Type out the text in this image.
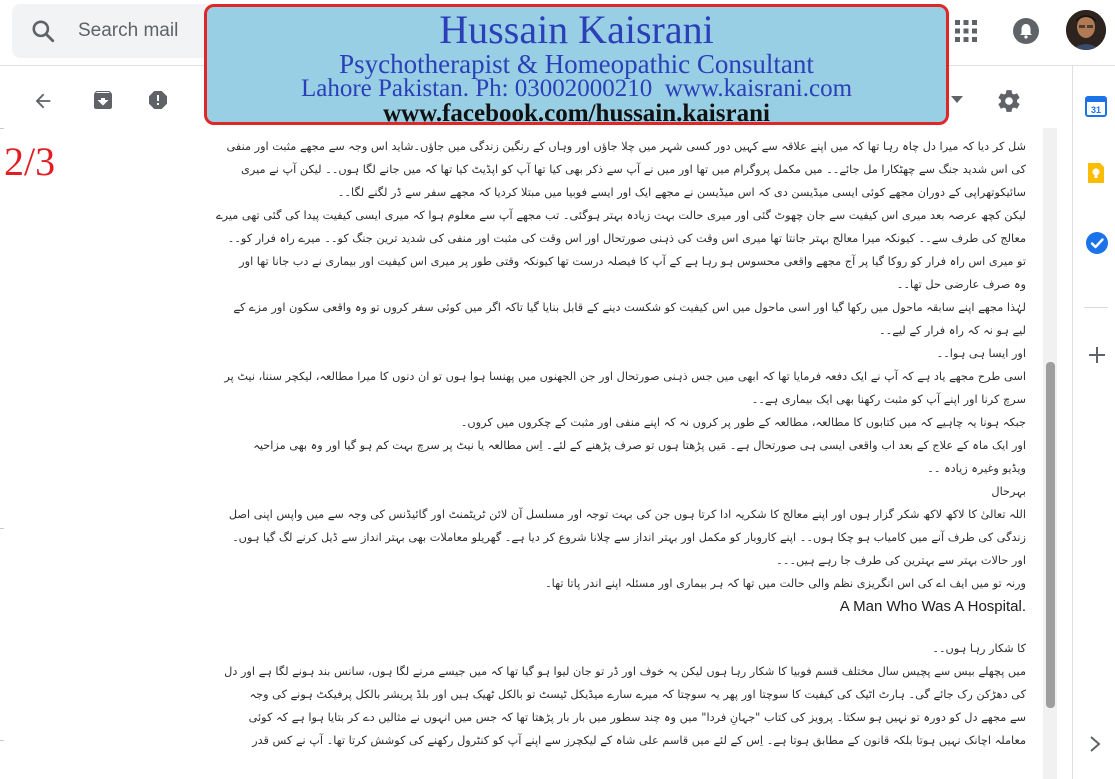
Search mail
31
شل کر دیا کہ میرا دل چاہ رہا تھا کہ میں اپنے علاقہ سے کہیں دور کسی شہر میں چلا جاؤں اور وہاں کے رنگین زندگی میں جاؤں۔شاید اس وجہ سے مجھے مثبت اور منفی
کی اس شدید جنگ سے چھٹکارا مل جائے۔۔ میں مکمل پروگرام میں تھا اور میں نے آپ سے ذکر بھی کیا تھا آپ کو اپڈیٹ کیا تھا کہ میں جانے لگا ہوں۔۔ لیکن آپ نے میری
سائیکوتھراپی کے دوران مجھے کوئی ایسی میڈیسن دی کہ اس میڈیسن نے مجھے ایک اور ایسے فوبیا میں مبتلا کردیا کہ مجھے سفر سے ڈر لگنے لگا۔۔
لیکن کچھ عرصہ بعد میری اس کیفیت سے جان چھوٹ گئی اور میری حالت بہت زیادہ بہتر ہوگئی۔ تب مجھے آپ سے معلوم ہوا کہ میری ایسی کیفیت پیدا کی گئی تھی میرے
معالج کی طرف سے۔۔ کیونکہ میرا معالج بہتر جانتا تھا میری اس وقت کی ذہنی صورتحال اور اس وقت کی مثبت اور منفی کی شدید ترین جنگ کو۔۔ میرے راہ فرار کو۔۔
تو میری اس راہ فرار کو روکا گیا پر آج مجھے واقعی محسوس ہو رہا ہے کے آپ کا فیصلہ درست تھا کیونکہ وقتی طور پر میری اس کیفیت اور بیماری نے دب جانا تھا اور
وہ صرف عارضی حل تھا۔۔
لہٰذا مجھے اپنے سابقہ ماحول میں رکھا گیا اور اسی ماحول میں اس کیفیت کو شکست دینے کے قابل بنایا گیا تاکہ اگر میں کوئی سفر کروں تو وہ واقعی سکون اور مزے کے
لیے ہو نہ کہ راہ فرار کے لیے۔۔
اور ایسا ہی ہوا۔۔
اسی طرح مجھے یاد ہے کہ آپ نے ایک دفعہ فرمایا تھا کہ ابھی میں جس ذہنی صورتحال اور جن الجھنوں میں پھنسا ہوا ہوں تو ان دنوں کا میرا مطالعہ، لیکچر سننا، نیٹ پر
سرچ کرنا اور اپنے آپ کو مثبت رکھنا بھی ایک بیماری ہے۔۔
جبکہ ہونا یہ چاہیے کہ میں کتابوں کا مطالعہ، مطالعہ کے طور پر کروں نہ کہ اپنے منفی اور مثبت کے چکروں میں کروں۔
اور ایک ماہ کے علاج کے بعد اب واقعی ایسی ہی صورتحال ہے۔ مَیں پڑھتا ہوں تو صرف پڑھنے کے لئے۔ اِس مطالعہ یا نیٹ پر سرچ بہت کم ہو گیا اور وہ بھی مزاحیہ
ویڈیو وغیرہ زیادہ ۔۔
بہرحال
اللہ تعالیٰ کا لاکھ لاکھ شکر گزار ہوں اور اپنے معالج کا شکریہ ادا کرتا ہوں جن کی بہت توجہ اور مسلسل آن لائن ٹریٹمنٹ اور گائیڈنس کی وجہ سے میں واپس اپنی اصل
زندگی کی طرف آنے میں کامیاب ہو چکا ہوں۔۔ اپنے کاروبار کو مکمل اور بہتر انداز سے چلانا شروع کر دیا ہے۔ گھریلو معاملات بھی بہتر انداز سے ڈیل کرنے لگ گیا ہوں۔
اور حالات بہتر سے بہترین کی طرف جا رہے ہیں۔۔۔
ورنہ تو میں ایف اے کی اس انگریزی نظم والی حالت میں تھا کہ ہر بیماری اور مسئلہ اپنے اندر پاتا تھا۔
A Man Who Was A Hospital.
کا شکار رہا ہوں۔۔
میں پچھلے بیس سے پچیس سال مختلف قسم فوبیا کا شکار رہا ہوں لیکن یہ خوف اور ڈر تو جان لیوا ہو گیا تھا کہ میں جیسے مرنے لگا ہوں، سانس بند ہونے لگا ہے اور دل
کی دھڑکن رک جائے گی۔ ہارٹ اٹیک کی کیفیت کا سوچتا اور پھر یہ سوچتا کہ میرے سارے میڈیکل ٹیسٹ تو بالکل ٹھیک ہیں اور بلڈ پریشر بالکل پرفیکٹ ہونے کی وجہ
سے مجھے دل کو دورہ تو نہیں ہو سکتا۔ پرویز کی کتاب "جہانِ فردا" میں وہ چند سطور میں بار بار پڑھتا تھا کہ جس میں انہوں نے مثالیں دے کر بتایا ہوا ہے کہ کوئی
معاملہ اچانک نہیں ہوتا بلکہ قانون کے مطابق ہوتا ہے۔ اِس کے لئے میں قاسم علی شاہ کے لیکچرز سے اپنے آپ کو کنٹرول رکھنے کی کوشش کرتا تھا۔ آپ نے کس قدر
2/3
Hussain Kaisrani
Psychotherapist & Homeopathic Consultant
Lahore Pakistan. Ph: 03002000210  www.kaisrani.com
www.facebook.com/hussain.kaisrani
